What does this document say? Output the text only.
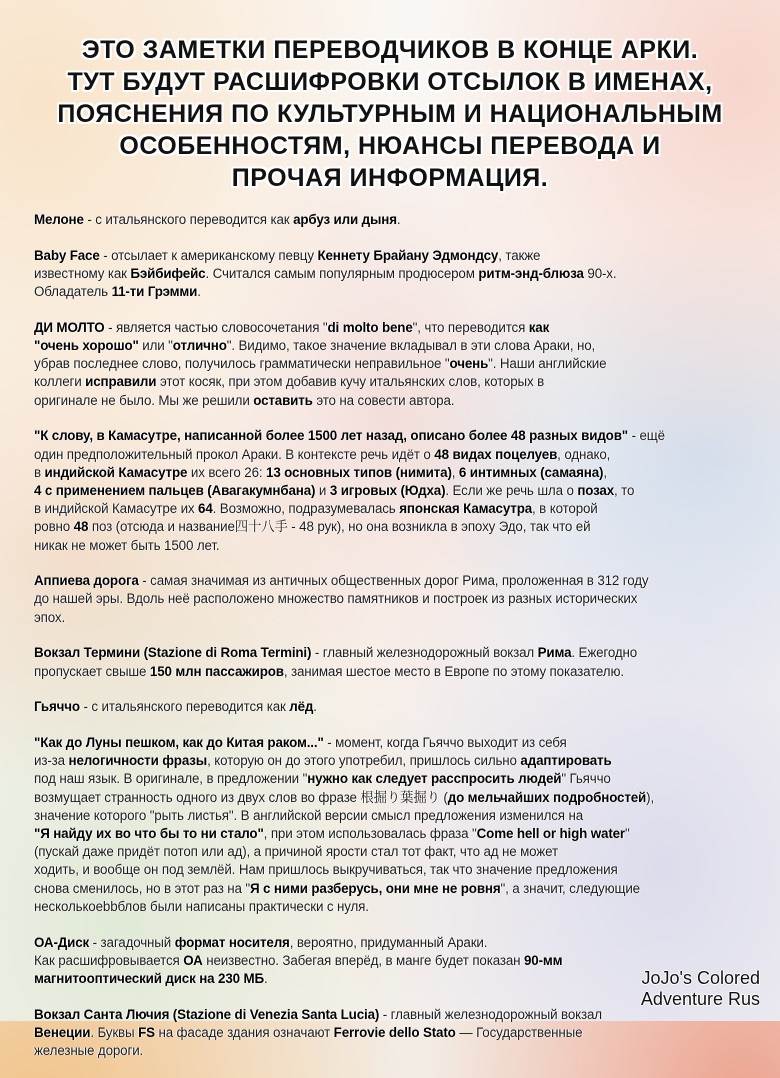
ЭТО ЗАМЕТКИ ПЕРЕВОДЧИКОВ В КОНЦЕ АРКИ.
ТУТ БУДУТ РАСШИФРОВКИ ОТСЫЛОК В ИМЕНАХ,
ПОЯСНЕНИЯ ПО КУЛЬТУРНЫМ И НАЦИОНАЛЬНЫМ
ОСОБЕННОСТЯМ, НЮАНСЫ ПЕРЕВОДА И
ПРОЧАЯ ИНФОРМАЦИЯ.
Мелоне - с итальянского переводится как арбуз или дыня.
Baby Face - отсылает к американскому певцу Кеннету Брайану Эдмондсу, также
известному как Бэйбифейс. Считался самым популярным продюсером ритм-энд-блюза 90-х.
Обладатель 11-ти Грэмми.
ДИ МОЛТО - является частью словосочетания "di molto bene", что переводится как
"очень хорошо" или "отлично". Видимо, такое значение вкладывал в эти слова Араки, но,
убрав последнее слово, получилось грамматически неправильное "очень". Наши английские
коллеги исправили этот косяк, при этом добавив кучу итальянских слов, которых в
оригинале не было. Мы же решили оставить это на совести автора.
"К слову, в Камасутре, написанной более 1500 лет назад, описано более 48 разных видов" - ещё
один предположительный прокол Араки. В контексте речь идёт о 48 видах поцелуев, однако,
в индийской Камасутре их всего 26: 13 основных типов (нимита), 6 интимных (самаяна),
4 с применением пальцев (Авагакумнбана) и 3 игровых (Юдха). Если же речь шла о позах, то
в индийской Камасутре их 64. Возможно, подразумевалась японская Камасутра, в которой
ровно 48 поз (отсюда и название四十八手 - 48 рук), но она возникла в эпоху Эдо, так что ей
никак не может быть 1500 лет.
Аппиева дорога - самая значимая из античных общественных дорог Рима, проложенная в 312 году
до нашей эры. Вдоль неё расположено множество памятников и построек из разных исторических
эпох.
Вокзал Термини (Stazione di Roma Termini) - главный железнодорожный вокзал Рима. Ежегодно
пропускает свыше 150 млн пассажиров, занимая шестое место в Европе по этому показателю.
Гьяччо - с итальянского переводится как лёд.
"Как до Луны пешком, как до Китая раком..." - момент, когда Гьяччо выходит из себя
из-за нелогичности фразы, которую он до этого употребил, пришлось сильно адаптировать
под наш язык. В оригинале, в предложении "нужно как следует расспросить людей" Гьяччо
возмущает странность одного из двух слов во фразе 根掘り葉掘り (до мельчайших подробностей),
значение которого "рыть листья". В английской версии смысл предложения изменился на
"Я найду их во что бы то ни стало", при этом использовалась фраза "Come hell or high water"
(пускай даже придёт потоп или ад), а причиной ярости стал тот факт, что ад не может
ходить, и вообще он под землёй. Нам пришлось выкручиваться, так что значение предложения
снова сменилось, но в этот раз на "Я с ними разберусь, они мне не ровня", а значит, следующие
несколькоebbблов были написаны практически с нуля.
ОА-Диск - загадочный формат носителя, вероятно, придуманный Араки.
Как расшифровывается ОА неизвестно. Забегая вперёд, в манге будет показан 90-мм
магнитооптический диск на 230 МБ.
Вокзал Санта Лючия (Stazione di Venezia Santa Lucia) - главный железнодорожный вокзал
Венеции. Буквы FS на фасаде здания означают Ferrovie dello Stato — Государственные
железные дороги.
JoJo's Colored
Adventure Rus
